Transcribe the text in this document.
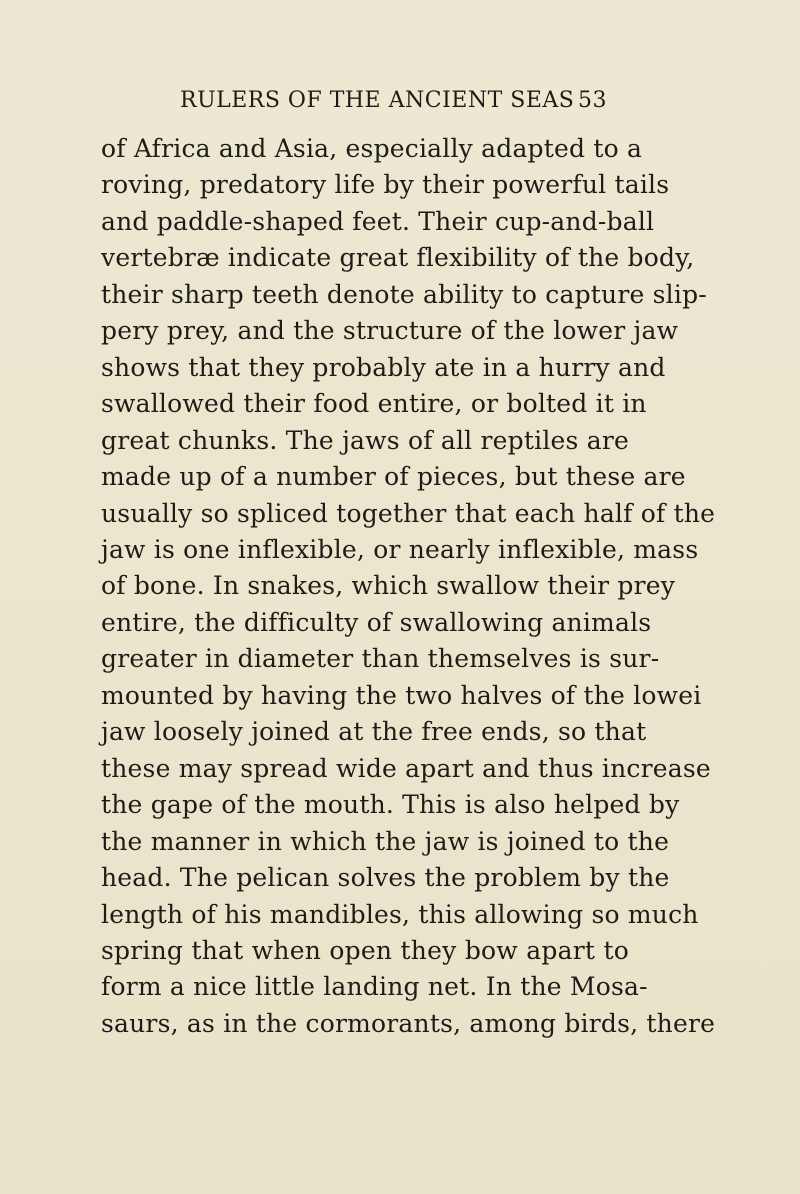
RULERS OF THE ANCIENT SEAS 53
of Africa and Asia, especially adapted to a
roving, predatory life by their powerful tails
and paddle-shaped feet. Their cup-and-ball
vertebræ indicate great flexibility of the body,
their sharp teeth denote ability to capture slip-
pery prey, and the structure of the lower jaw
shows that they probably ate in a hurry and
swallowed their food entire, or bolted it in
great chunks. The jaws of all reptiles are
made up of a number of pieces, but these are
usually so spliced together that each half of the
jaw is one inflexible, or nearly inflexible, mass
of bone. In snakes, which swallow their prey
entire, the difficulty of swallowing animals
greater in diameter than themselves is sur-
mounted by having the two halves of the lowei
jaw loosely joined at the free ends, so that
these may spread wide apart and thus increase
the gape of the mouth. This is also helped by
the manner in which the jaw is joined to the
head. The pelican solves the problem by the
length of his mandibles, this allowing so much
spring that when open they bow apart to
form a nice little landing net. In the Mosa-
saurs, as in the cormorants, among birds, there
